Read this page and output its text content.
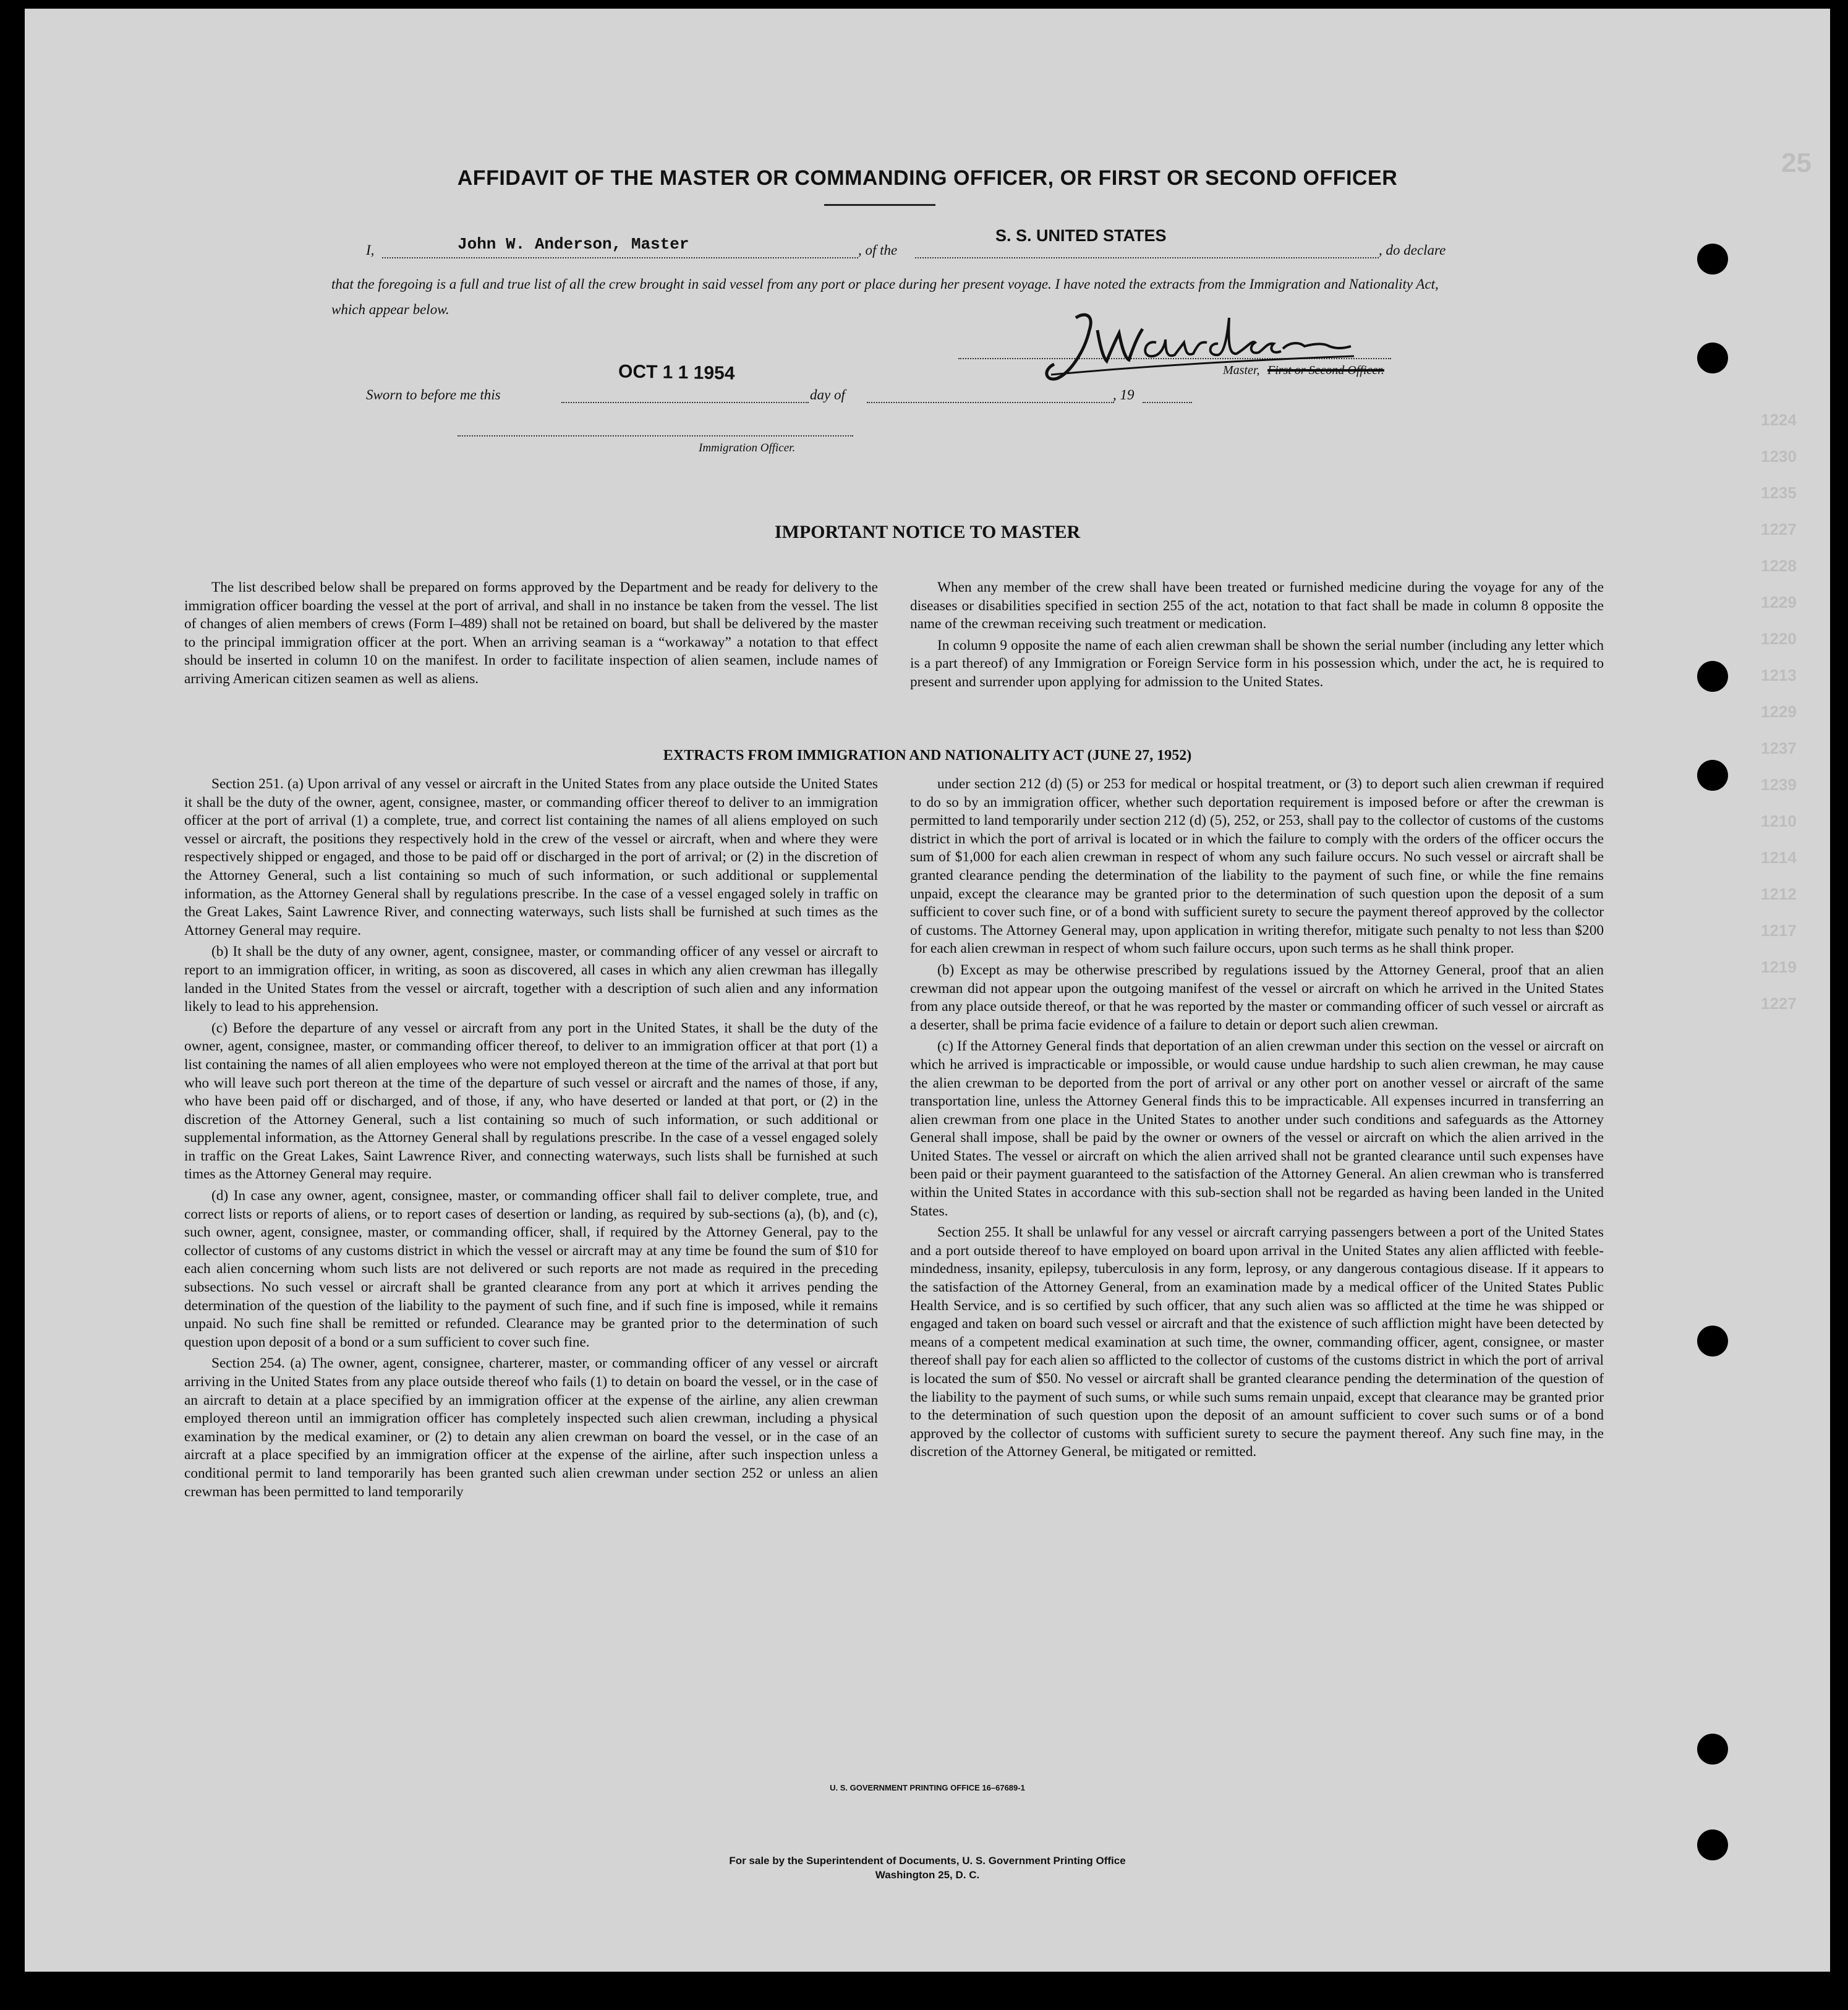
25
1224
1230
1235
1227
1228
1229
1220
1213
1229
1237
1239
1210
1214
1212
1217
1219
1227
AFFIDAVIT OF THE MASTER OR COMMANDING OFFICER, OR FIRST OR SECOND OFFICER
I,	John W. Anderson, Master	, of the
S. S. UNITED STATES
, do declare
that the foregoing is a full and true list of all the crew brought in said vessel from any port or place during her present voyage. I have noted the extracts from the Immigration and Nationality Act, which appear below.
Master, First or Second Officer.
Sworn to before me this
OCT 1 1 1954
day of	, 19
Immigration Officer.
IMPORTANT NOTICE TO MASTER

The list described below shall be prepared on forms approved by the Department and be ready for delivery to the immigration officer boarding the vessel at the port of arrival, and shall in no instance be taken from the vessel. The list of changes of alien members of crews (Form I–489) shall not be retained on board, but shall be delivered by the master to the principal immigration officer at the port. When an arriving seaman is a “workaway” a notation to that effect should be inserted in column 10 on the manifest. In order to facilitate inspection of alien seamen, include names of arriving American citizen seamen as well as aliens.

When any member of the crew shall have been treated or furnished medicine during the voyage for any of the diseases or disabilities specified in section 255 of the act, notation to that fact shall be made in column 8 opposite the name of the crewman receiving such treatment or medication.

In column 9 opposite the name of each alien crewman shall be shown the serial number (including any letter which is a part thereof) of any Immigration or Foreign Service form in his possession which, under the act, he is required to present and surrender upon applying for admission to the United States.

EXTRACTS FROM IMMIGRATION AND NATIONALITY ACT (JUNE 27, 1952)

Section 251. (a) Upon arrival of any vessel or aircraft in the United States from any place outside the United States it shall be the duty of the owner, agent, consignee, master, or commanding officer thereof to deliver to an immigration officer at the port of arrival (1) a complete, true, and correct list containing the names of all aliens employed on such vessel or aircraft, the positions they respectively hold in the crew of the vessel or aircraft, when and where they were respectively shipped or engaged, and those to be paid off or discharged in the port of arrival; or (2) in the discretion of the Attorney General, such a list containing so much of such information, or such additional or supplemental information, as the Attorney General shall by regulations prescribe. In the case of a vessel engaged solely in traffic on the Great Lakes, Saint Lawrence River, and connecting waterways, such lists shall be furnished at such times as the Attorney General may require.

(b) It shall be the duty of any owner, agent, consignee, master, or commanding officer of any vessel or aircraft to report to an immigration officer, in writing, as soon as discovered, all cases in which any alien crewman has illegally landed in the United States from the vessel or aircraft, together with a description of such alien and any information likely to lead to his apprehension.

(c) Before the departure of any vessel or aircraft from any port in the United States, it shall be the duty of the owner, agent, consignee, master, or commanding officer thereof, to deliver to an immigration officer at that port (1) a list containing the names of all alien employees who were not employed thereon at the time of the arrival at that port but who will leave such port thereon at the time of the departure of such vessel or aircraft and the names of those, if any, who have been paid off or discharged, and of those, if any, who have deserted or landed at that port, or (2) in the discretion of the Attorney General, such a list containing so much of such information, or such additional or supplemental information, as the Attorney General shall by regulations prescribe. In the case of a vessel engaged solely in traffic on the Great Lakes, Saint Lawrence River, and connecting waterways, such lists shall be furnished at such times as the Attorney General may require.

(d) In case any owner, agent, consignee, master, or commanding officer shall fail to deliver complete, true, and correct lists or reports of aliens, or to report cases of desertion or landing, as required by sub-sections (a), (b), and (c), such owner, agent, consignee, master, or commanding officer, shall, if required by the Attorney General, pay to the collector of customs of any customs district in which the vessel or aircraft may at any time be found the sum of $10 for each alien concerning whom such lists are not delivered or such reports are not made as required in the preceding subsections. No such vessel or aircraft shall be granted clearance from any port at which it arrives pending the determination of the question of the liability to the payment of such fine, and if such fine is imposed, while it remains unpaid. No such fine shall be remitted or refunded. Clearance may be granted prior to the determination of such question upon deposit of a bond or a sum sufficient to cover such fine.

Section 254. (a) The owner, agent, consignee, charterer, master, or commanding officer of any vessel or aircraft arriving in the United States from any place outside thereof who fails (1) to detain on board the vessel, or in the case of an aircraft to detain at a place specified by an immigration officer at the expense of the airline, any alien crewman employed thereon until an immigration officer has completely inspected such alien crewman, including a physical examination by the medical examiner, or (2) to detain any alien crewman on board the vessel, or in the case of an aircraft at a place specified by an immigration officer at the expense of the airline, after such inspection unless a conditional permit to land temporarily has been granted such alien crewman under section 252 or unless an alien crewman has been permitted to land temporarily

under section 212 (d) (5) or 253 for medical or hospital treatment, or (3) to deport such alien crewman if required to do so by an immigration officer, whether such deportation requirement is imposed before or after the crewman is permitted to land temporarily under section 212 (d) (5), 252, or 253, shall pay to the collector of customs of the customs district in which the port of arrival is located or in which the failure to comply with the orders of the officer occurs the sum of $1,000 for each alien crewman in respect of whom any such failure occurs. No such vessel or aircraft shall be granted clearance pending the determination of the liability to the payment of such fine, or while the fine remains unpaid, except the clearance may be granted prior to the determination of such question upon the deposit of a sum sufficient to cover such fine, or of a bond with sufficient surety to secure the payment thereof approved by the collector of customs. The Attorney General may, upon application in writing therefor, mitigate such penalty to not less than $200 for each alien crewman in respect of whom such failure occurs, upon such terms as he shall think proper.

(b) Except as may be otherwise prescribed by regulations issued by the Attorney General, proof that an alien crewman did not appear upon the outgoing manifest of the vessel or aircraft on which he arrived in the United States from any place outside thereof, or that he was reported by the master or commanding officer of such vessel or aircraft as a deserter, shall be prima facie evidence of a failure to detain or deport such alien crewman.

(c) If the Attorney General finds that deportation of an alien crewman under this section on the vessel or aircraft on which he arrived is impracticable or impossible, or would cause undue hardship to such alien crewman, he may cause the alien crewman to be deported from the port of arrival or any other port on another vessel or aircraft of the same transportation line, unless the Attorney General finds this to be impracticable. All expenses incurred in transferring an alien crewman from one place in the United States to another under such conditions and safeguards as the Attorney General shall impose, shall be paid by the owner or owners of the vessel or aircraft on which the alien arrived in the United States. The vessel or aircraft on which the alien arrived shall not be granted clearance until such expenses have been paid or their payment guaranteed to the satisfaction of the Attorney General. An alien crewman who is transferred within the United States in accordance with this sub-section shall not be regarded as having been landed in the United States.

Section 255. It shall be unlawful for any vessel or aircraft carrying passengers between a port of the United States and a port outside thereof to have employed on board upon arrival in the United States any alien afflicted with feeble-mindedness, insanity, epilepsy, tuberculosis in any form, leprosy, or any dangerous contagious disease. If it appears to the satisfaction of the Attorney General, from an examination made by a medical officer of the United States Public Health Service, and is so certified by such officer, that any such alien was so afflicted at the time he was shipped or engaged and taken on board such vessel or aircraft and that the existence of such affliction might have been detected by means of a competent medical examination at such time, the owner, commanding officer, agent, consignee, or master thereof shall pay for each alien so afflicted to the collector of customs of the customs district in which the port of arrival is located the sum of $50. No vessel or aircraft shall be granted clearance pending the determination of the question of the liability to the payment of such sums, or while such sums remain unpaid, except that clearance may be granted prior to the determination of such question upon the deposit of an amount sufficient to cover such sums or of a bond approved by the collector of customs with sufficient surety to secure the payment thereof. Any such fine may, in the discretion of the Attorney General, be mitigated or remitted.

U. S. GOVERNMENT PRINTING OFFICE 16–67689-1
For sale by the Superintendent of Documents, U. S. Government Printing Office
Washington 25, D. C.
